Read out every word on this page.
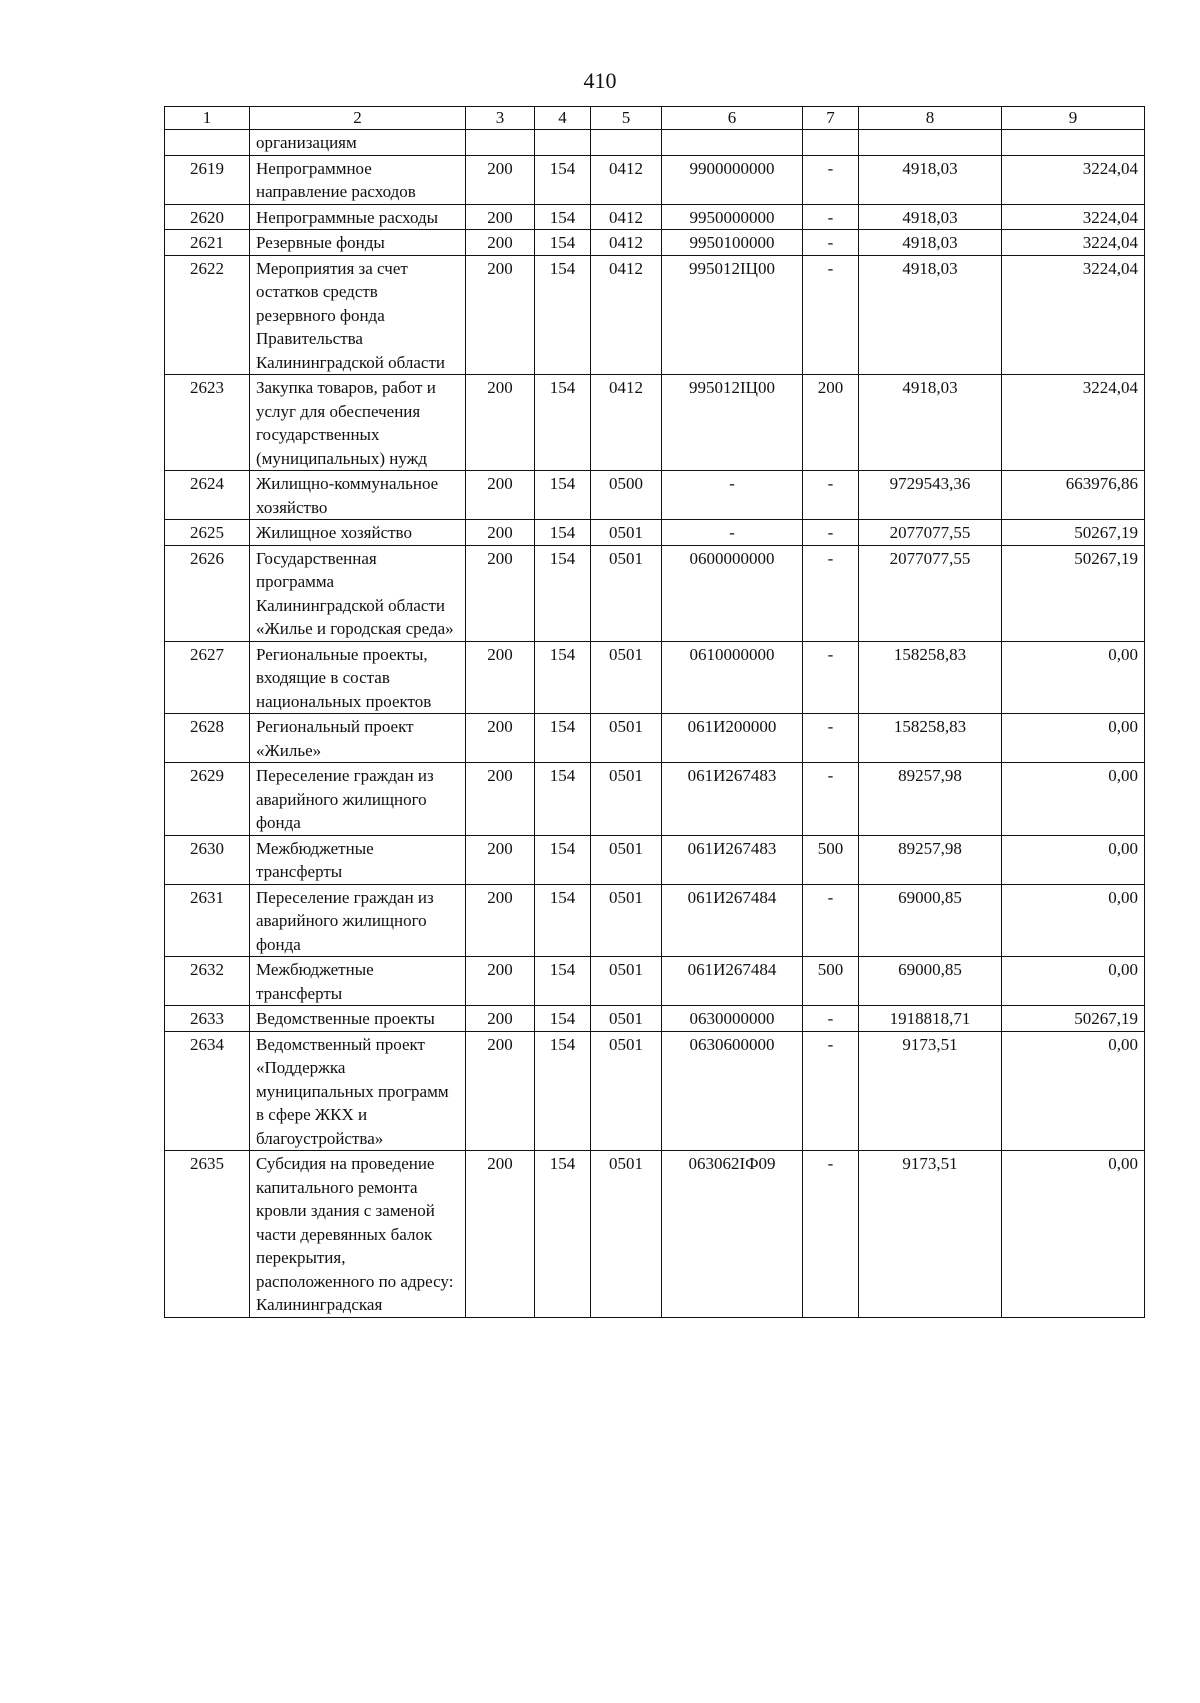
410
1	2	3	4	5	6	7	8	9
	организациям							
2619	Непрограммное направление расходов	200	154	0412	9900000000	-	4918,03	3224,04
2620	Непрограммные расходы	200	154	0412	9950000000	-	4918,03	3224,04
2621	Резервные фонды	200	154	0412	9950100000	-	4918,03	3224,04
2622	Мероприятия за счет остатков средств резервного фонда Правительства Калининградской области	200	154	0412	995012IЦ00	-	4918,03	3224,04
2623	Закупка товаров, работ и услуг для обеспечения государственных (муниципальных) нужд	200	154	0412	995012IЦ00	200	4918,03	3224,04
2624	Жилищно-коммунальное хозяйство	200	154	0500	-	-	9729543,36	663976,86
2625	Жилищное хозяйство	200	154	0501	-	-	2077077,55	50267,19
2626	Государственная программа Калининградской области «Жилье и городская среда»	200	154	0501	0600000000	-	2077077,55	50267,19
2627	Региональные проекты, входящие в состав национальных проектов	200	154	0501	0610000000	-	158258,83	0,00
2628	Региональный проект «Жилье»	200	154	0501	061И200000	-	158258,83	0,00
2629	Переселение граждан из аварийного жилищного фонда	200	154	0501	061И267483	-	89257,98	0,00
2630	Межбюджетные трансферты	200	154	0501	061И267483	500	89257,98	0,00
2631	Переселение граждан из аварийного жилищного фонда	200	154	0501	061И267484	-	69000,85	0,00
2632	Межбюджетные трансферты	200	154	0501	061И267484	500	69000,85	0,00
2633	Ведомственные проекты	200	154	0501	0630000000	-	1918818,71	50267,19
2634	Ведомственный проект «Поддержка муниципальных программ в сфере ЖКХ и благоустройства»	200	154	0501	0630600000	-	9173,51	0,00
2635	Субсидия на проведение капитального ремонта кровли здания с заменой части деревянных балок перекрытия, расположенного по адресу: Калининградская	200	154	0501	063062IФ09	-	9173,51	0,00
